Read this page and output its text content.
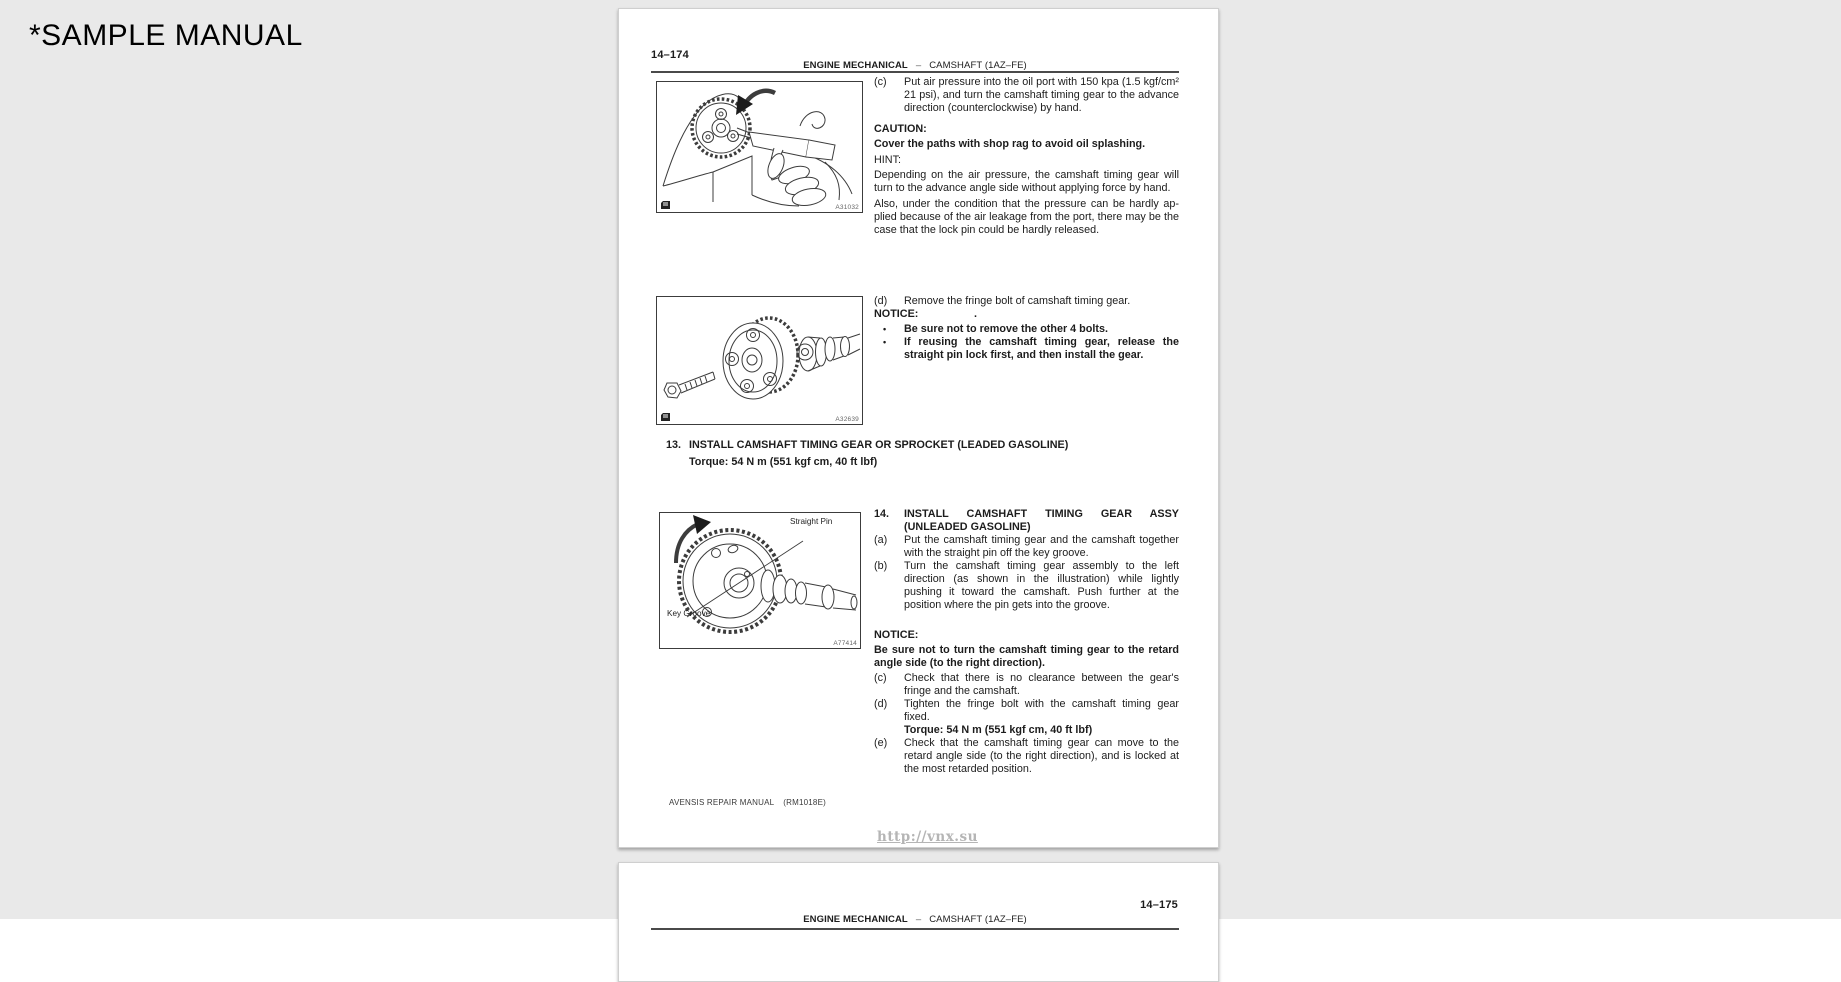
*SAMPLE MANUAL
14–174
ENGINE MECHANICAL – CAMSHAFT (1AZ–FE)
A31032
A32639
Straight Pin
Key Groove
A77414
(c) Put air pressure into the oil port with 150 kpa (1.5 kgf/cm² 21 psi), and turn the camshaft timing gear to the advance direction (counterclockwise) by hand.
CAUTION:
Cover the paths with shop rag to avoid oil splashing.
HINT:
Depending on the air pressure, the camshaft timing gear will turn to the advance angle side without applying force by hand.
Also, under the condition that the pressure can be hardly ap-plied because of the air leakage from the port, there may be the case that the lock pin could be hardly released.
(d) Remove the fringe bolt of camshaft timing gear.
NOTICE:	.
• Be sure not to remove the other 4 bolts.
• If reusing the camshaft timing gear, release the straight pin lock first, and then install the gear.
13. INSTALL CAMSHAFT TIMING GEAR OR SPROCKET (LEADED GASOLINE)
Torque: 54 N m (551 kgf cm, 40 ft lbf)
14. INSTALL CAMSHAFT TIMING GEAR ASSY (UNLEADED GASOLINE)
(a) Put the camshaft timing gear and the camshaft together with the straight pin off the key groove.
(b) Turn the camshaft timing gear assembly to the left direction (as shown in the illustration) while lightly pushing it toward the camshaft. Push further at the position where the pin gets into the groove.
NOTICE:
Be sure not to turn the camshaft timing gear to the retard angle side (to the right direction).
(c) Check that there is no clearance between the gear's fringe and the camshaft.
(d) Tighten the fringe bolt with the camshaft timing gear fixed.
Torque: 54 N m (551 kgf cm, 40 ft lbf)
(e) Check that the camshaft timing gear can move to the retard angle side (to the right direction), and is locked at the most retarded position.
AVENSIS REPAIR MANUAL (RM1018E)
http://vnx.su
14–175
ENGINE MECHANICAL – CAMSHAFT (1AZ–FE)
